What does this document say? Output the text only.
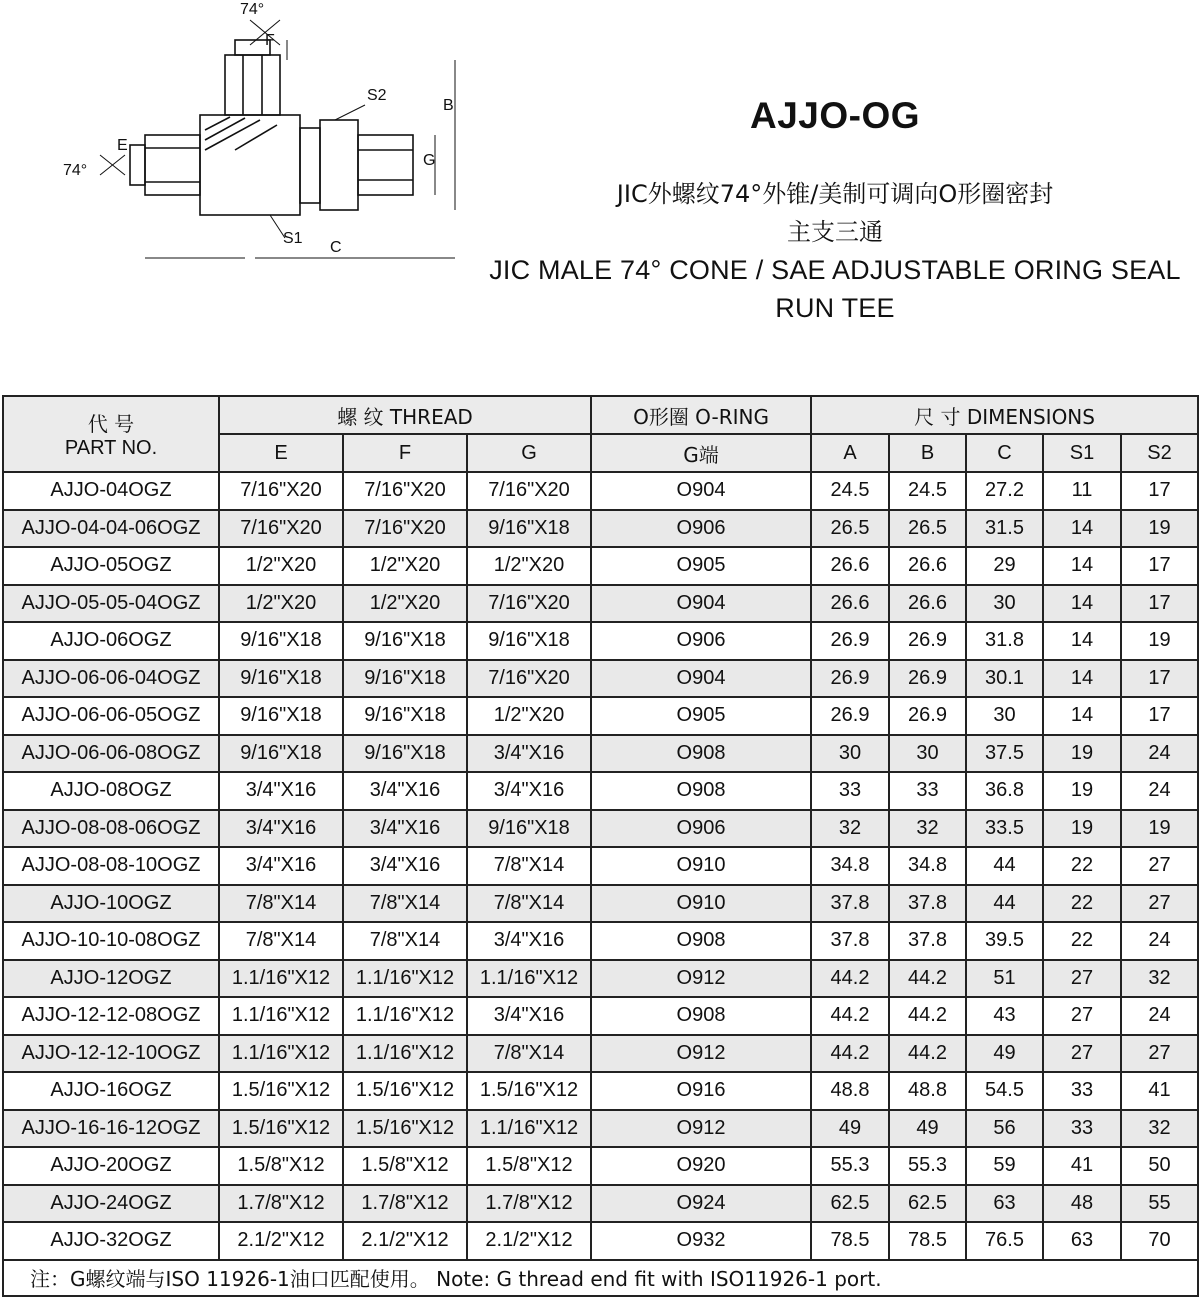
74°
F
74°
E
B
G
S2
S1
C
AJJO-OG
JIC外螺纹74°外锥/美制可调向O形圈密封
主支三通
JIC MALE 74° CONE / SAE ADJUSTABLE ORING SEAL
RUN TEE
代 号
PART NO.	螺 纹 THREAD			O形圈 O-RING	尺 寸 DIMENSIONS				
	E	F	G	G端	A	B	C	S1	S2
AJJO-04OGZ	7/16"X20	7/16"X20	7/16"X20	O904	24.5	24.5	27.2	11	17
AJJO-04-04-06OGZ	7/16"X20	7/16"X20	9/16"X18	O906	26.5	26.5	31.5	14	19
AJJO-05OGZ	1/2"X20	1/2"X20	1/2"X20	O905	26.6	26.6	29	14	17
AJJO-05-05-04OGZ	1/2"X20	1/2"X20	7/16"X20	O904	26.6	26.6	30	14	17
AJJO-06OGZ	9/16"X18	9/16"X18	9/16"X18	O906	26.9	26.9	31.8	14	19
AJJO-06-06-04OGZ	9/16"X18	9/16"X18	7/16"X20	O904	26.9	26.9	30.1	14	17
AJJO-06-06-05OGZ	9/16"X18	9/16"X18	1/2"X20	O905	26.9	26.9	30	14	17
AJJO-06-06-08OGZ	9/16"X18	9/16"X18	3/4"X16	O908	30	30	37.5	19	24
AJJO-08OGZ	3/4"X16	3/4"X16	3/4"X16	O908	33	33	36.8	19	24
AJJO-08-08-06OGZ	3/4"X16	3/4"X16	9/16"X18	O906	32	32	33.5	19	19
AJJO-08-08-10OGZ	3/4"X16	3/4"X16	7/8"X14	O910	34.8	34.8	44	22	27
AJJO-10OGZ	7/8"X14	7/8"X14	7/8"X14	O910	37.8	37.8	44	22	27
AJJO-10-10-08OGZ	7/8"X14	7/8"X14	3/4"X16	O908	37.8	37.8	39.5	22	24
AJJO-12OGZ	1.1/16"X12	1.1/16"X12	1.1/16"X12	O912	44.2	44.2	51	27	32
AJJO-12-12-08OGZ	1.1/16"X12	1.1/16"X12	3/4"X16	O908	44.2	44.2	43	27	24
AJJO-12-12-10OGZ	1.1/16"X12	1.1/16"X12	7/8"X14	O912	44.2	44.2	49	27	27
AJJO-16OGZ	1.5/16"X12	1.5/16"X12	1.5/16"X12	O916	48.8	48.8	54.5	33	41
AJJO-16-16-12OGZ	1.5/16"X12	1.5/16"X12	1.1/16"X12	O912	49	49	56	33	32
AJJO-20OGZ	1.5/8"X12	1.5/8"X12	1.5/8"X12	O920	55.3	55.3	59	41	50
AJJO-24OGZ	1.7/8"X12	1.7/8"X12	1.7/8"X12	O924	62.5	62.5	63	48	55
AJJO-32OGZ	2.1/2"X12	2.1/2"X12	2.1/2"X12	O932	78.5	78.5	76.5	63	70
注：G螺纹端与ISO 11926-1油口匹配使用。 Note: G thread end fit with ISO11926-1 port.									
